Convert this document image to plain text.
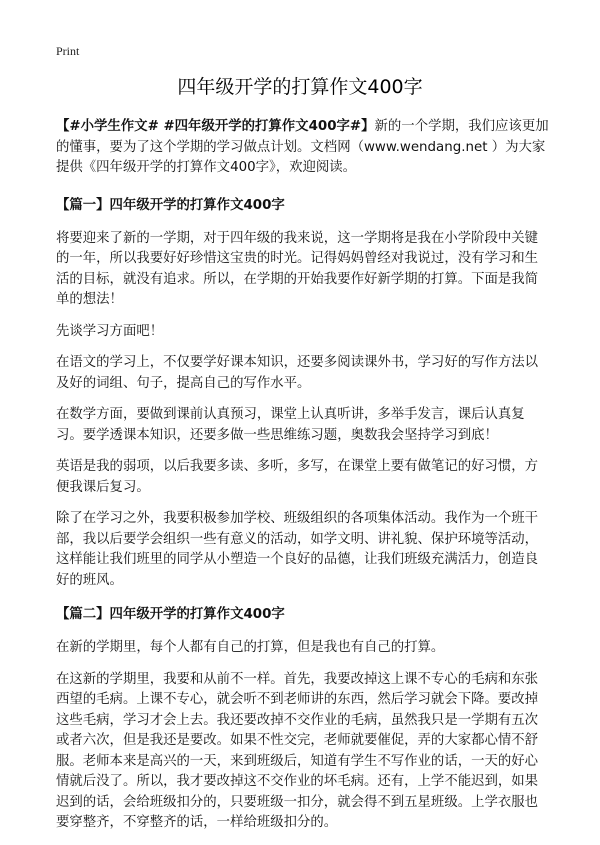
Print
四年级开学的打算作文400字

【#小学生作文# #四年级开学的打算作文400字#】新的一个学期，我们应该更加的懂事，要为了这个学期的学习做点计划。文档网（www.wendang.net ）为大家提供《四年级开学的打算作文400字》，欢迎阅读。

【篇一】四年级开学的打算作文400字

将要迎来了新的一学期，对于四年级的我来说，这一学期将是我在小学阶段中关键的一年，所以我要好好珍惜这宝贵的时光。记得妈妈曾经对我说过，没有学习和生活的目标，就没有追求。所以，在学期的开始我要作好新学期的打算。下面是我简单的想法！

先谈学习方面吧！

在语文的学习上，不仅要学好课本知识，还要多阅读课外书，学习好的写作方法以及好的词组、句子，提高自己的写作水平。

在数学方面，要做到课前认真预习，课堂上认真听讲，多举手发言，课后认真复习。要学透课本知识，还要多做一些思维练习题，奥数我会坚持学习到底！

英语是我的弱项，以后我要多读、多听，多写，在课堂上要有做笔记的好习惯，方便我课后复习。

除了在学习之外，我要积极参加学校、班级组织的各项集体活动。我作为一个班干部，我以后要学会组织一些有意义的活动，如学文明、讲礼貌、保护环境等活动，这样能让我们班里的同学从小塑造一个良好的品德，让我们班级充满活力，创造良好的班风。

【篇二】四年级开学的打算作文400字

在新的学期里，每个人都有自己的打算，但是我也有自己的打算。

在这新的学期里，我要和从前不一样。首先，我要改掉这上课不专心的毛病和东张西望的毛病。上课不专心，就会听不到老师讲的东西，然后学习就会下降。要改掉这些毛病，学习才会上去。我还要改掉不交作业的毛病，虽然我只是一学期有五次或者六次，但是我还是要改。如果不性交完，老师就要催促，弄的大家都心情不舒服。老师本来是高兴的一天，来到班级后，知道有学生不写作业的话，一天的好心情就后没了。所以，我才要改掉这不交作业的坏毛病。还有，上学不能迟到，如果迟到的话，会给班级扣分的，只要班级一扣分，就会得不到五星班级。上学衣服也要穿整齐，不穿整齐的话，一样给班级扣分的。
